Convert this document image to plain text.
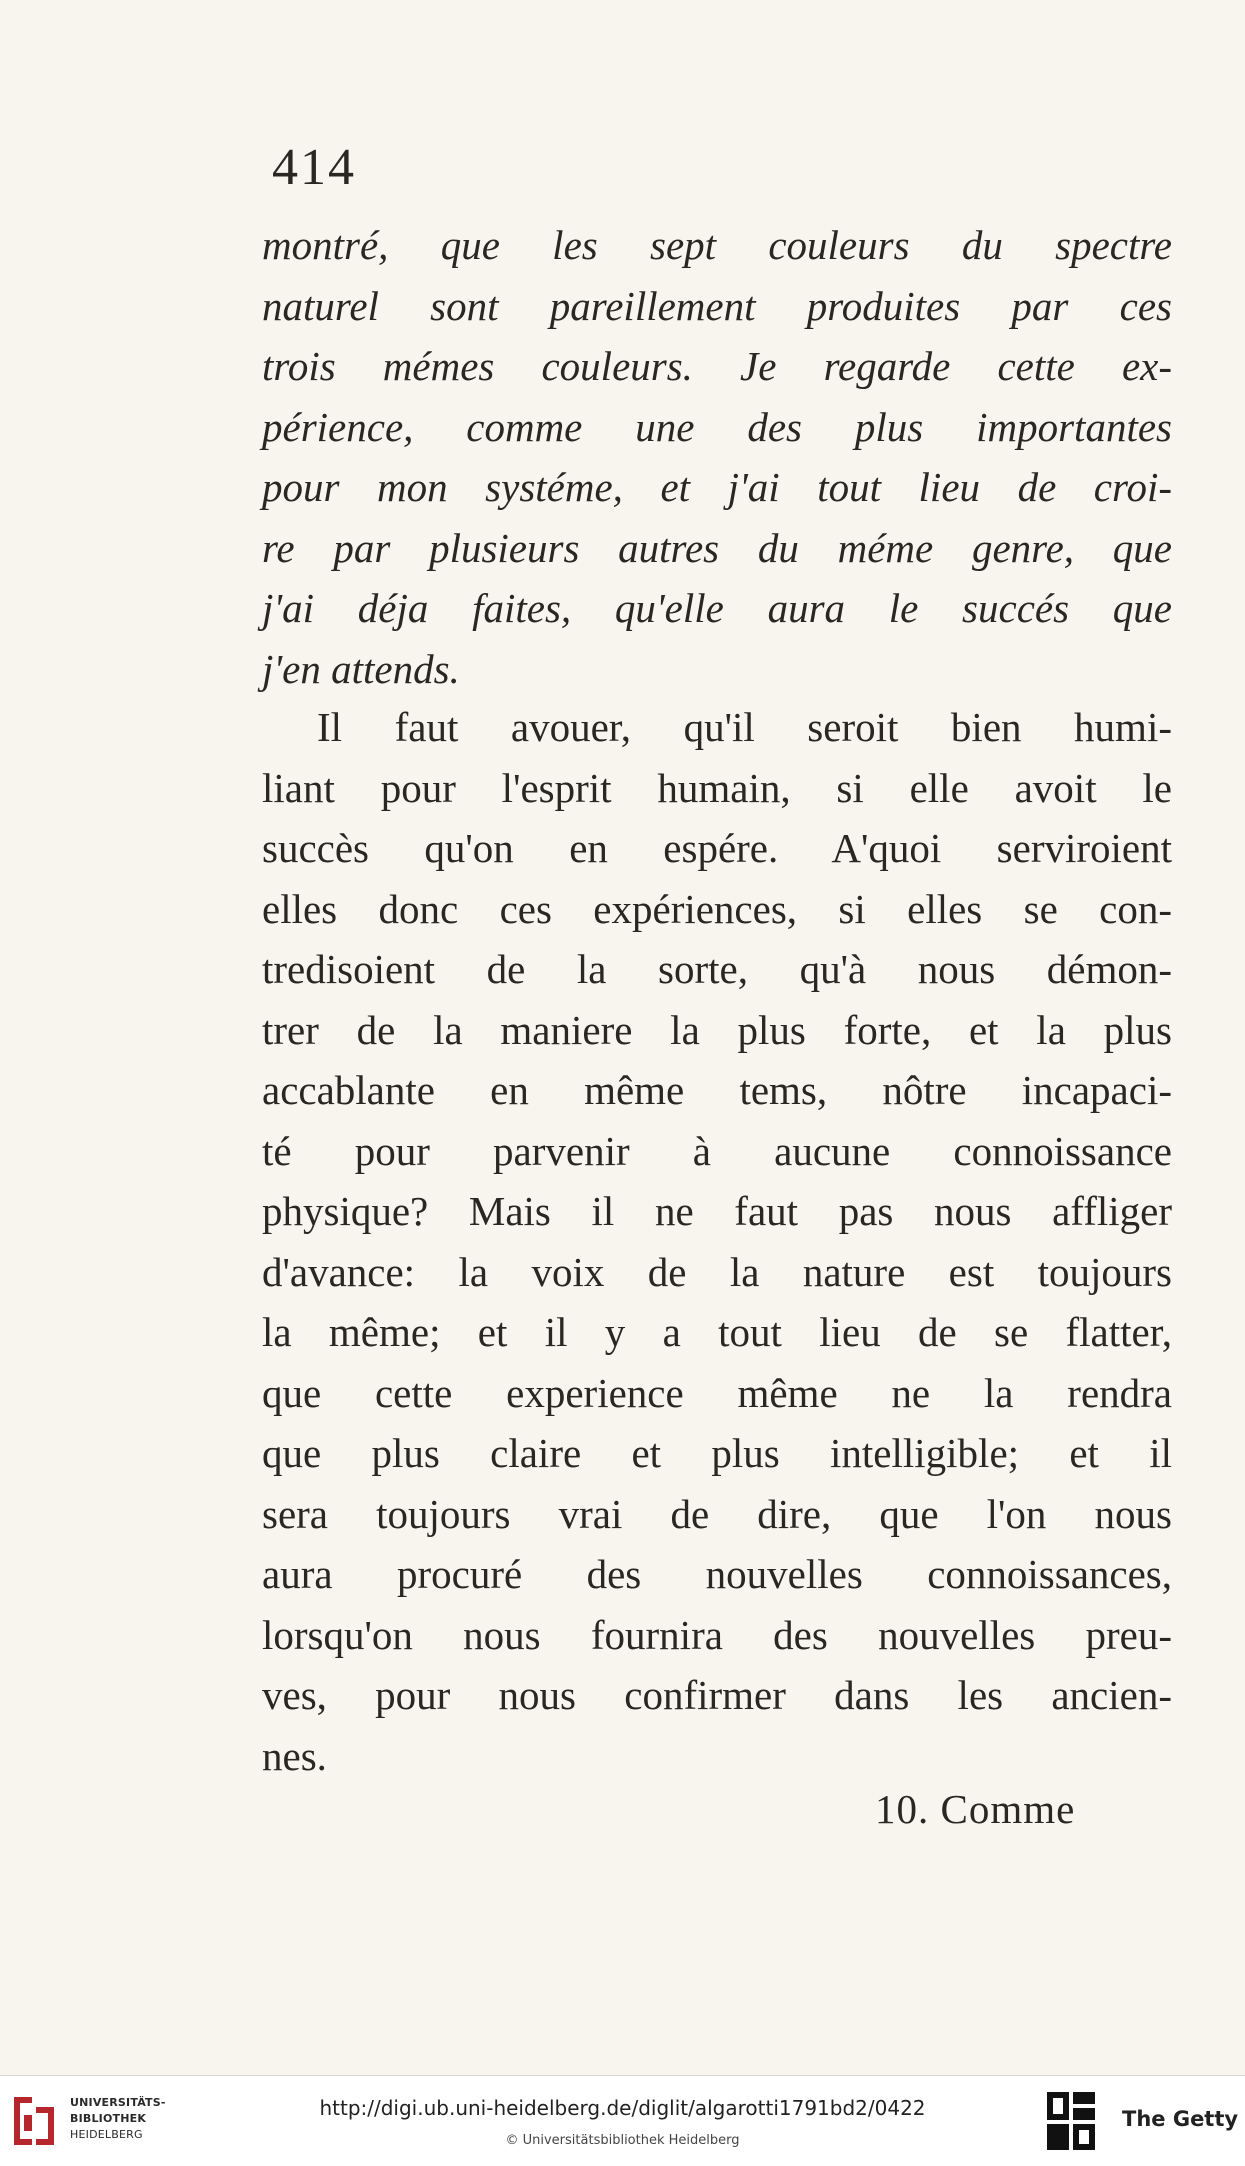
414
montré, que les sept couleurs du spectre
naturel sont pareillement produites par ces
trois mémes couleurs. Je regarde cette ex-
périence, comme une des plus importantes
pour mon systéme, et j'ai tout lieu de croi-
re par plusieurs autres du méme genre, que
j'ai déja faites, qu'elle aura le succés que
j'en attends.
Il faut avouer, qu'il seroit bien humi-
liant pour l'esprit humain, si elle avoit le
succès qu'on en espére. A'quoi serviroient
elles donc ces expériences, si elles se con-
tredisoient de la sorte, qu'à nous démon-
trer de la maniere la plus forte, et la plus
accablante en même tems, nôtre incapaci-
té pour parvenir à aucune connoissance
physique? Mais il ne faut pas nous affliger
d'avance: la voix de la nature est toujours
la même; et il y a tout lieu de se flatter,
que cette experience même ne la rendra
que plus claire et plus intelligible; et il
sera toujours vrai de dire, que l'on nous
aura procuré des nouvelles connoissances,
lorsqu'on nous fournira des nouvelles preu-
ves, pour nous confirmer dans les ancien-
nes.
10. Comme
UNIVERSITÄTS-
BIBLIOTHEK
HEIDELBERG
http://digi.ub.uni-heidelberg.de/diglit/algarotti1791bd2/0422
© Universitätsbibliothek Heidelberg
The Getty
